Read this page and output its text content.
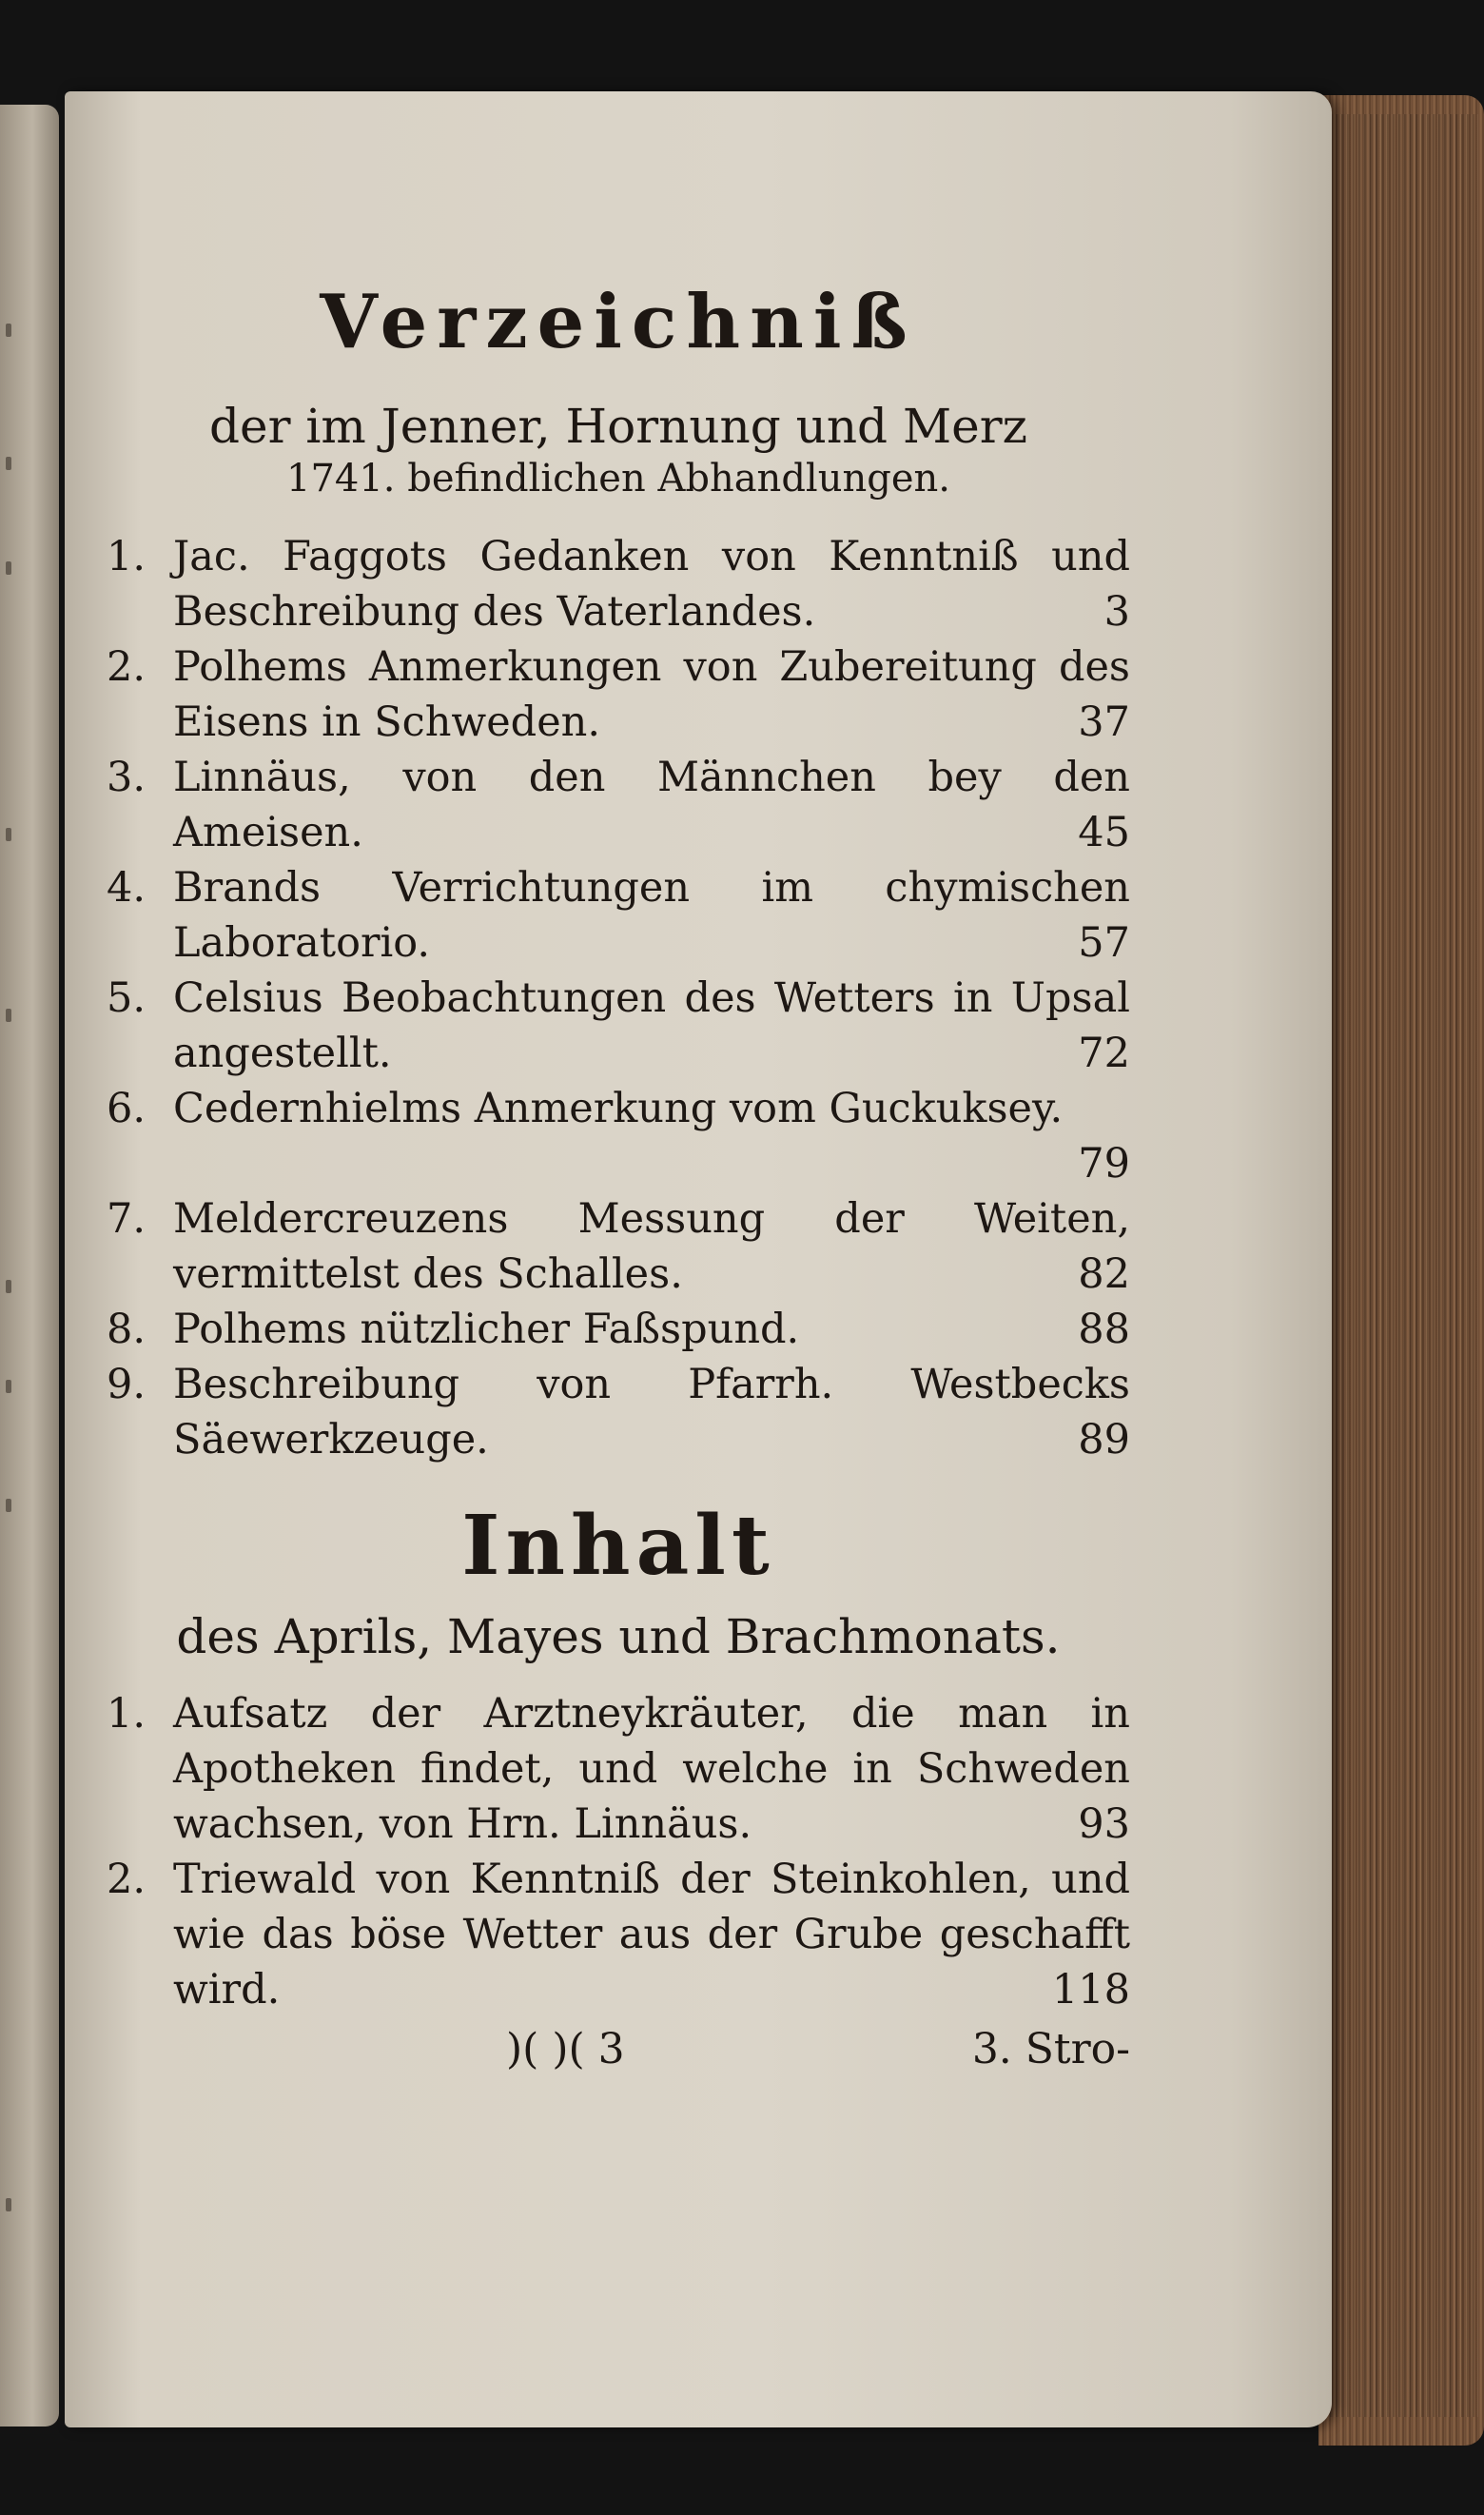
Verzeichniß

der im Jenner, Hornung und Merz

1741. befindlichen Abhandlungen.

1. Jac. Faggots Gedanken von Kenntniß und Beschreibung des Vaterlandes.	3
2. Polhems Anmerkungen von Zubereitung des Eisens in Schweden.	37
3. Linnäus, von den Männchen bey den Ameisen.	45
4. Brands Verrichtungen im chymischen Laboratorio.	57
5. Celsius Beobachtungen des Wetters in Upsal angestellt.	72
6. Cedernhielms Anmerkung vom Guckuksey.
79
7. Meldercreuzens Messung der Weiten, vermittelst des Schalles.	82
8. Polhems nützlicher Faßspund.	88
9. Beschreibung von Pfarrh. Westbecks Säewerkzeuge.	89
Inhalt

des Aprils, Mayes und Brachmonats.

1. Aufsatz der Arztneykräuter, die man in Apotheken findet, und welche in Schweden wachsen, von Hrn. Linnäus.	93
2. Triewald von Kenntniß der Steinkohlen, und wie das böse Wetter aus der Grube geschafft wird.	118
)( )( 3	3. Stro-
